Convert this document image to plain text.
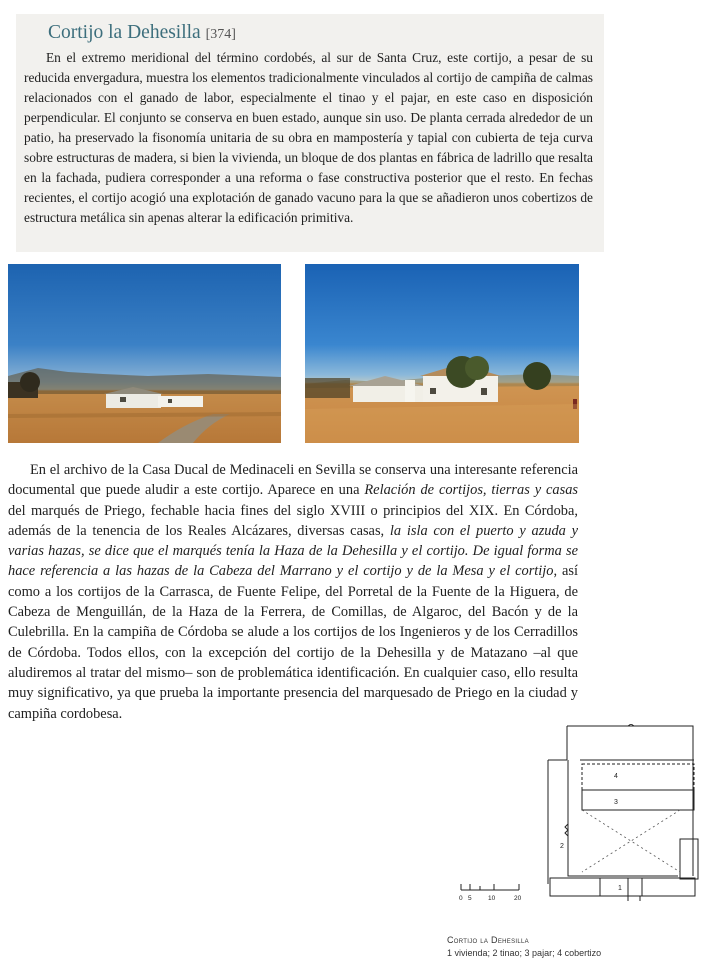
Cortijo la Dehesilla [374]

En el extremo meridional del término cordobés, al sur de Santa Cruz, este cortijo, a pesar de su reducida envergadura, muestra los elementos tradicionalmente vinculados al cortijo de campiña de calmas relacionados con el ganado de labor, especialmente el tinao y el pajar, en este caso en disposición perpendicular. El conjunto se conserva en buen estado, aunque sin uso. De planta cerrada alrededor de un patio, ha preservado la fisonomía unitaria de su obra en mampostería y tapial con cubierta de teja curva sobre estructuras de madera, si bien la vivienda, un bloque de dos plantas en fábrica de ladrillo que resalta en la fachada, pudiera corresponder a una reforma o fase constructiva posterior que el resto. En fechas recientes, el cortijo acogió una explotación de ganado vacuno para la que se añadieron unos cobertizos de estructura metálica sin apenas alterar la edificación primitiva.

En el archivo de la Casa Ducal de Medinaceli en Sevilla se conserva una interesante referencia documental que puede aludir a este cortijo. Aparece en una Relación de cortijos, tierras y casas del marqués de Priego, fechable hacia fines del siglo XVIII o principios del XIX. En Córdoba, además de la tenencia de los Reales Alcázares, diversas casas, la isla con el puerto y azuda y varias hazas, se dice que el marqués tenía la Haza de la Dehesilla y el cortijo. De igual forma se hace referencia a las hazas de la Cabeza del Marrano y el cortijo y de la Mesa y el cortijo, así como a los cortijos de la Carrasca, de Fuente Felipe, del Porretal de la Fuente de la Higuera, de Cabeza de Menguillán, de la Haza de la Ferrera, de Comillas, de Algaroc, del Bacón y de la Culebrilla. En la campiña de Córdoba se alude a los cortijos de los Ingenieros y de los Cerradillos de Córdoba. Todos ellos, con la excepción del cortijo de la Dehesilla y de Matazano –al que aludiremos al tratar del mismo– son de problemática identificación. En cualquier caso, ello resulta muy significativo, ya que prueba la importante presencia del marquesado de Priego en la ciudad y campiña cordobesa.

4
3
2
1
0 5	10	20
Cortijo la Dehesilla
1 vivienda; 2 tinao; 3 pajar; 4 cobertizo
